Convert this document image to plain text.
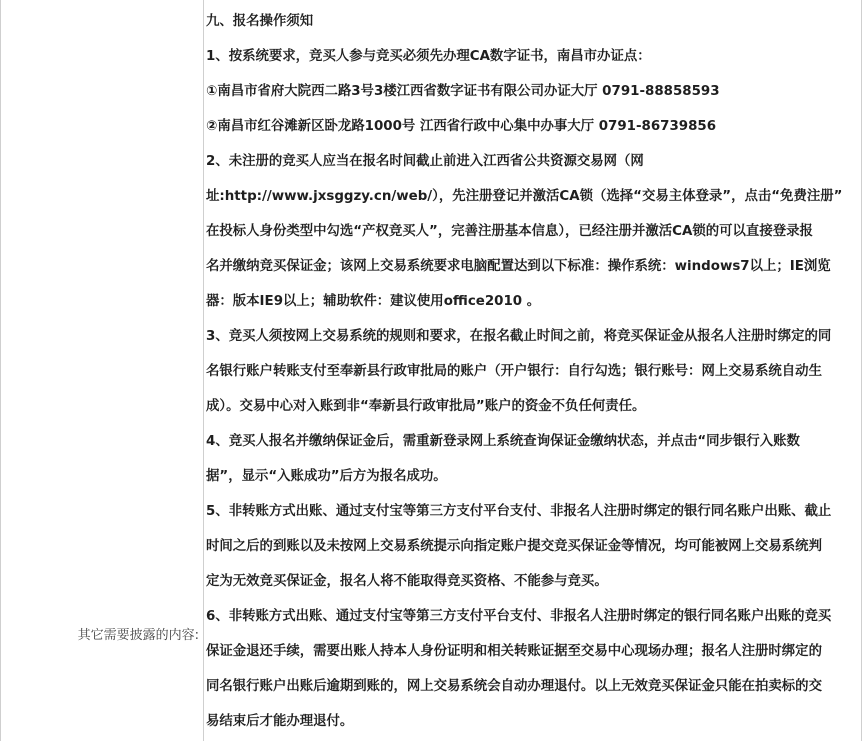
其它需要披露的内容:
九、报名操作须知
1、按系统要求，竞买人参与竞买必须先办理CA数字证书，南昌市办证点：
①南昌市省府大院西二路3号3楼江西省数字证书有限公司办证大厅 0791-88858593
②南昌市红谷滩新区卧龙路1000号 江西省行政中心集中办事大厅 0791-86739856
2、未注册的竞买人应当在报名时间截止前进入江西省公共资源交易网（网
址:http://www.jxsggzy.cn/web/），先注册登记并激活CA锁（选择“交易主体登录”，点击“免费注册”
在投标人身份类型中勾选“产权竞买人”，完善注册基本信息），已经注册并激活CA锁的可以直接登录报
名并缴纳竞买保证金；该网上交易系统要求电脑配置达到以下标准：操作系统：windows7以上；IE浏览
器：版本IE9以上；辅助软件：建议使用office2010 。
3、竞买人须按网上交易系统的规则和要求，在报名截止时间之前，将竞买保证金从报名人注册时绑定的同
名银行账户转账支付至奉新县行政审批局的账户（开户银行：自行勾选；银行账号：网上交易系统自动生
成）。交易中心对入账到非“奉新县行政审批局”账户的资金不负任何责任。
4、竞买人报名并缴纳保证金后，需重新登录网上系统查询保证金缴纳状态，并点击“同步银行入账数
据”，显示“入账成功”后方为报名成功。
5、非转账方式出账、通过支付宝等第三方支付平台支付、非报名人注册时绑定的银行同名账户出账、截止
时间之后的到账以及未按网上交易系统提示向指定账户提交竞买保证金等情况，均可能被网上交易系统判
定为无效竞买保证金，报名人将不能取得竞买资格、不能参与竞买。
6、非转账方式出账、通过支付宝等第三方支付平台支付、非报名人注册时绑定的银行同名账户出账的竞买
保证金退还手续，需要出账人持本人身份证明和相关转账证据至交易中心现场办理；报名人注册时绑定的
同名银行账户出账后逾期到账的，网上交易系统会自动办理退付。以上无效竞买保证金只能在拍卖标的交
易结束后才能办理退付。
